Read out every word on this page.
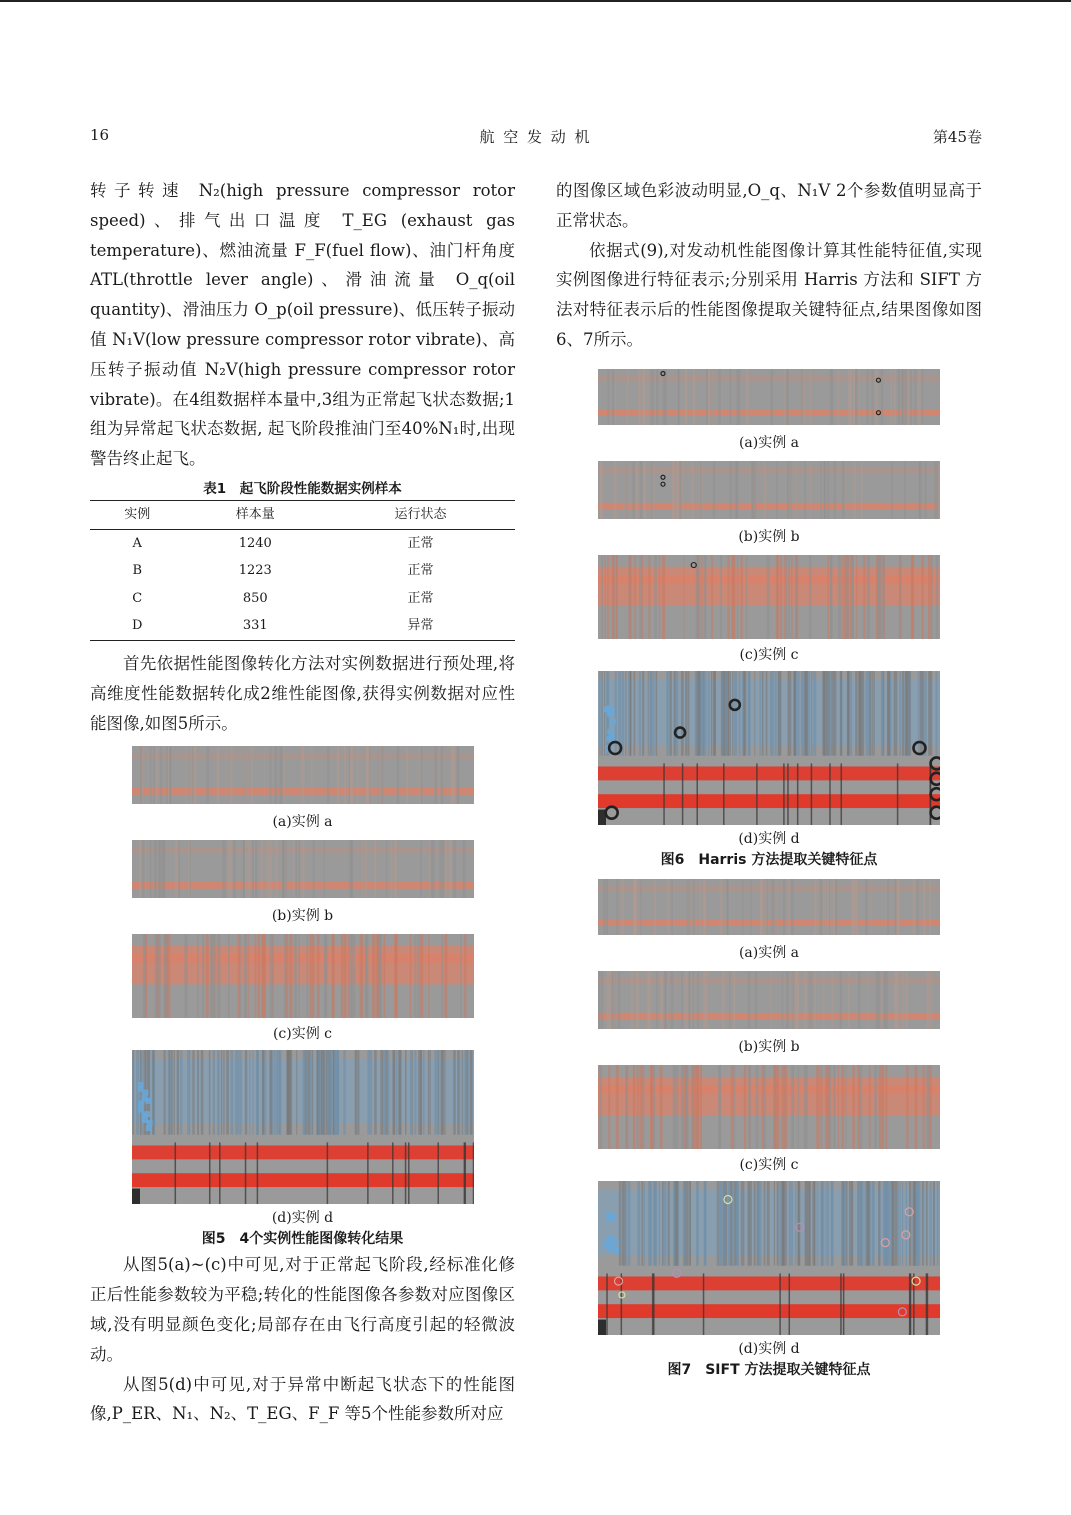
16	航 空 发 动 机	第45卷

转子转速 N₂(high pressure compressor rotor speed)、排气出口温度 T_EG (exhaust gas temperature)、燃油流量 F_F(fuel flow)、油门杆角度 ATL(throttle lever angle)、滑油流量 O_q(oil quantity)、滑油压力 O_p(oil pressure)、低压转子振动值 N₁V(low pressure compressor rotor vibrate)、高压转子振动值 N₂V(high pressure compressor rotor vibrate)。在4组数据样本量中,3组为正常起飞状态数据;1组为异常起飞状态数据, 起飞阶段推油门至40%N₁时,出现警告终止起飞。

表1　起飞阶段性能数据实例样本

实例	样本量	运行状态
A	1240	正常
B	1223	正常
C	850	正常
D	331	异常

首先依据性能图像转化方法对实例数据进行预处理,将高维度性能数据转化成2维性能图像,获得实例数据对应性能图像,如图5所示。

(a)实例 a

(b)实例 b

(c)实例 c

(d)实例 d

图5　4个实例性能图像转化结果

从图5(a)~(c)中可见,对于正常起飞阶段,经标准化修正后性能参数较为平稳;转化的性能图像各参数对应图像区域,没有明显颜色变化;局部存在由飞行高度引起的轻微波动。

从图5(d)中可见,对于异常中断起飞状态下的性能图像,P_ER、N₁、N₂、T_EG、F_F 等5个性能参数所对应

的图像区域色彩波动明显,O_q、N₁V 2个参数值明显高于正常状态。

依据式(9),对发动机性能图像计算其性能特征值,实现实例图像进行特征表示;分别采用 Harris 方法和 SIFT 方法对特征表示后的性能图像提取关键特征点,结果图像如图6、7所示。

(a)实例 a

(b)实例 b

(c)实例 c

(d)实例 d

图6　Harris 方法提取关键特征点

(a)实例 a

(b)实例 b

(c)实例 c

(d)实例 d

图7　SIFT 方法提取关键特征点
